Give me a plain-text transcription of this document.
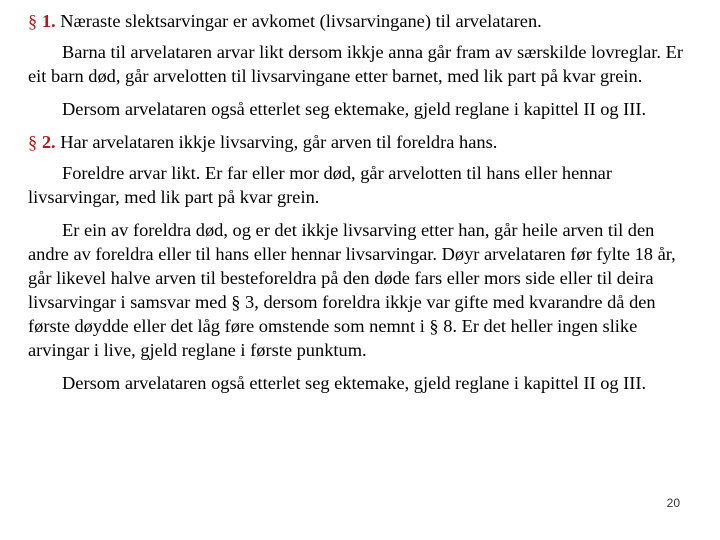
§ 1. Næraste slektsarvingar er avkomet (livsarvingane) til arvelataren.

Barna til arvelataren arvar likt dersom ikkje anna går fram av særskilde lovreglar. Er eit barn død, går arvelotten til livsarvingane etter barnet, med lik part på kvar grein.

Dersom arvelataren også etterlet seg ektemake, gjeld reglane i kapittel II og III.

§ 2. Har arvelataren ikkje livsarving, går arven til foreldra hans.

Foreldre arvar likt. Er far eller mor død, går arvelotten til hans eller hennar livsarvingar, med lik part på kvar grein.

Er ein av foreldra død, og er det ikkje livsarving etter han, går heile arven til den andre av foreldra eller til hans eller hennar livsarvingar. Døyr arvelataren før fylte 18 år, går likevel halve arven til besteforeldra på den døde fars eller mors side eller til deira livsarvingar i samsvar med § 3, dersom foreldra ikkje var gifte med kvarandre då den første døydde eller det låg føre omstende som nemnt i § 8. Er det heller ingen slike arvingar i live, gjeld reglane i første punktum.

Dersom arvelataren også etterlet seg ektemake, gjeld reglane i kapittel II og III.

20
